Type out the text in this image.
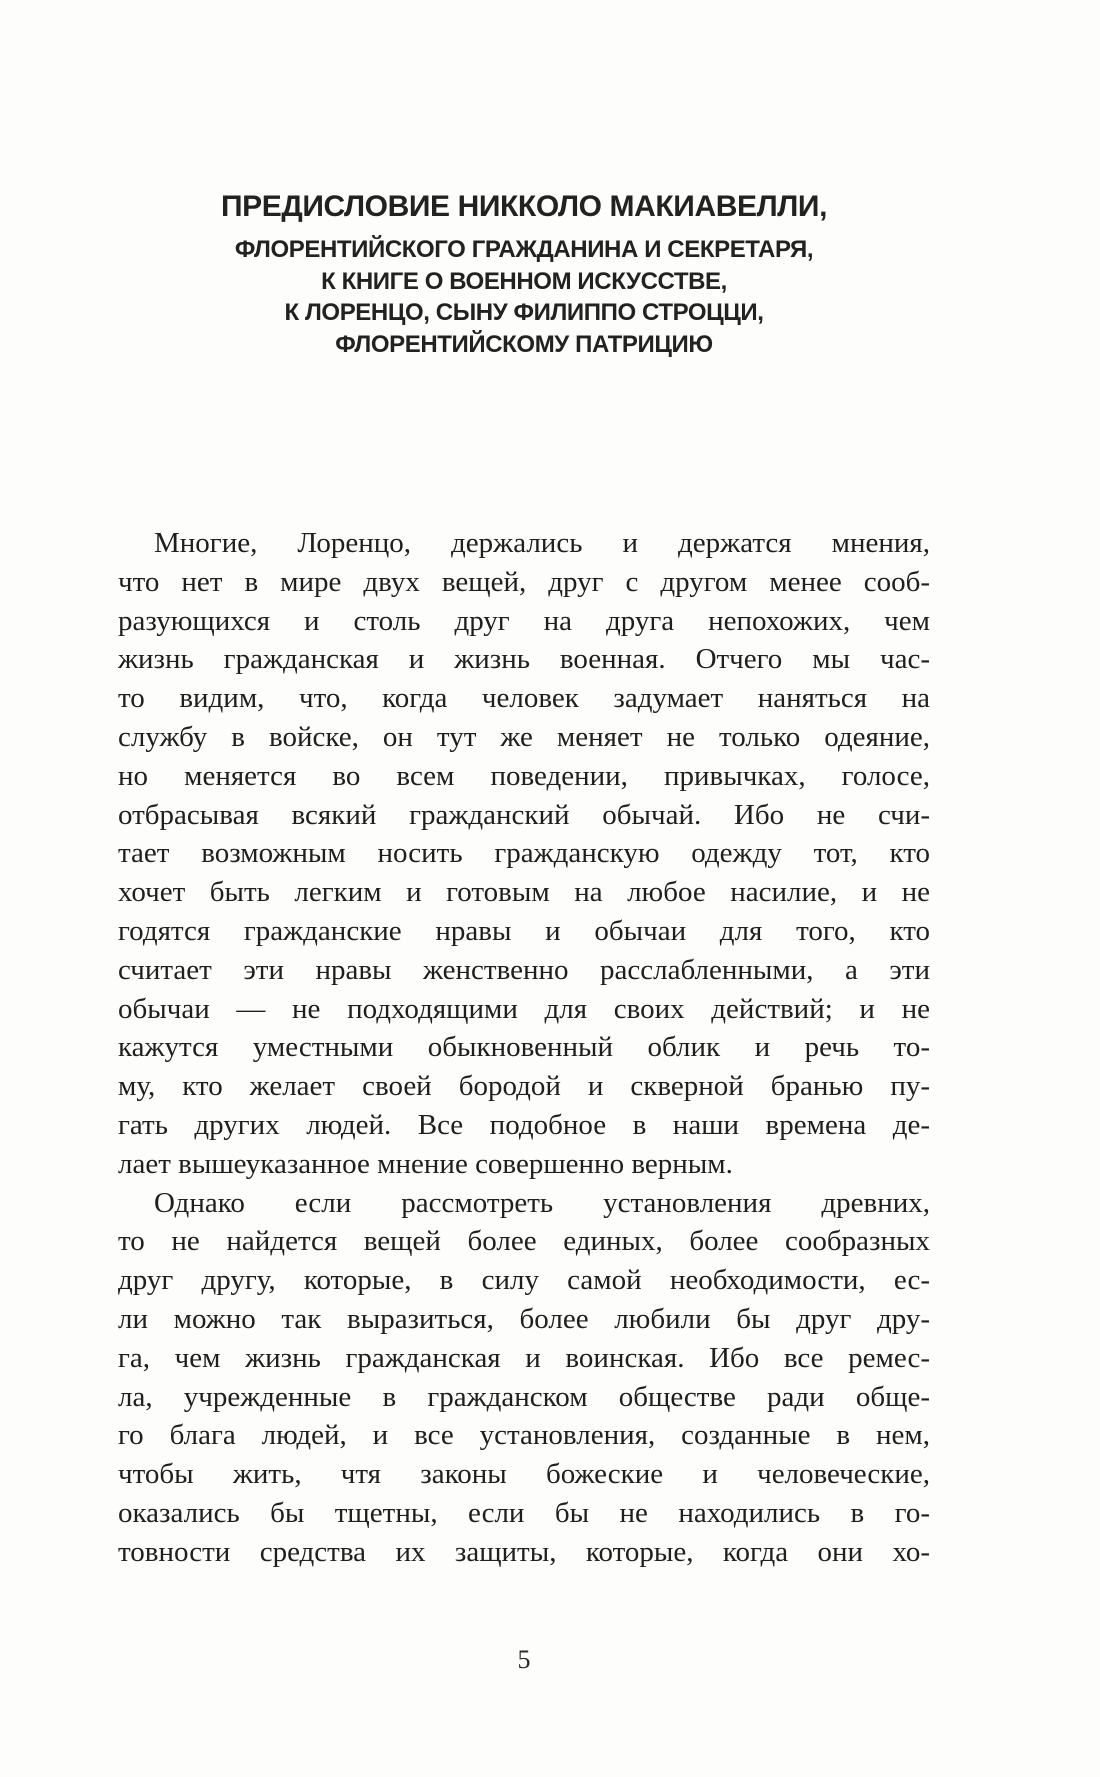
ПРЕДИСЛОВИЕ НИККОЛО МАКИАВЕЛЛИ,
ФЛОРЕНТИЙСКОГО ГРАЖДАНИНА И СЕКРЕТАРЯ,
К КНИГЕ О ВОЕННОМ ИСКУССТВЕ,
К ЛОРЕНЦО, СЫНУ ФИЛИППО СТРОЦЦИ,
ФЛОРЕНТИЙСКОМУ ПАТРИЦИЮ
Многие, Лоренцо, держались и держатся мнения,
что нет в мире двух вещей, друг с другом менее сооб-
разующихся и столь друг на друга непохожих, чем
жизнь гражданская и жизнь военная. Отчего мы час-
то видим, что, когда человек задумает наняться на
службу в войске, он тут же меняет не только одеяние,
но меняется во всем поведении, привычках, голосе,
отбрасывая всякий гражданский обычай. Ибо не счи-
тает возможным носить гражданскую одежду тот, кто
хочет быть легким и готовым на любое насилие, и не
годятся гражданские нравы и обычаи для того, кто
считает эти нравы женственно расслабленными, а эти
обычаи — не подходящими для своих действий; и не
кажутся уместными обыкновенный облик и речь то-
му, кто желает своей бородой и скверной бранью пу-
гать других людей. Все подобное в наши времена де-
лает вышеуказанное мнение совершенно верным.
Однако если рассмотреть установления древних,
то не найдется вещей более единых, более сообразных
друг другу, которые, в силу самой необходимости, ес-
ли можно так выразиться, более любили бы друг дру-
га, чем жизнь гражданская и воинская. Ибо все ремес-
ла, учрежденные в гражданском обществе ради обще-
го блага людей, и все установления, созданные в нем,
чтобы жить, чтя законы божеские и человеческие,
оказались бы тщетны, если бы не находились в го-
товности средства их защиты, которые, когда они хо-
5
